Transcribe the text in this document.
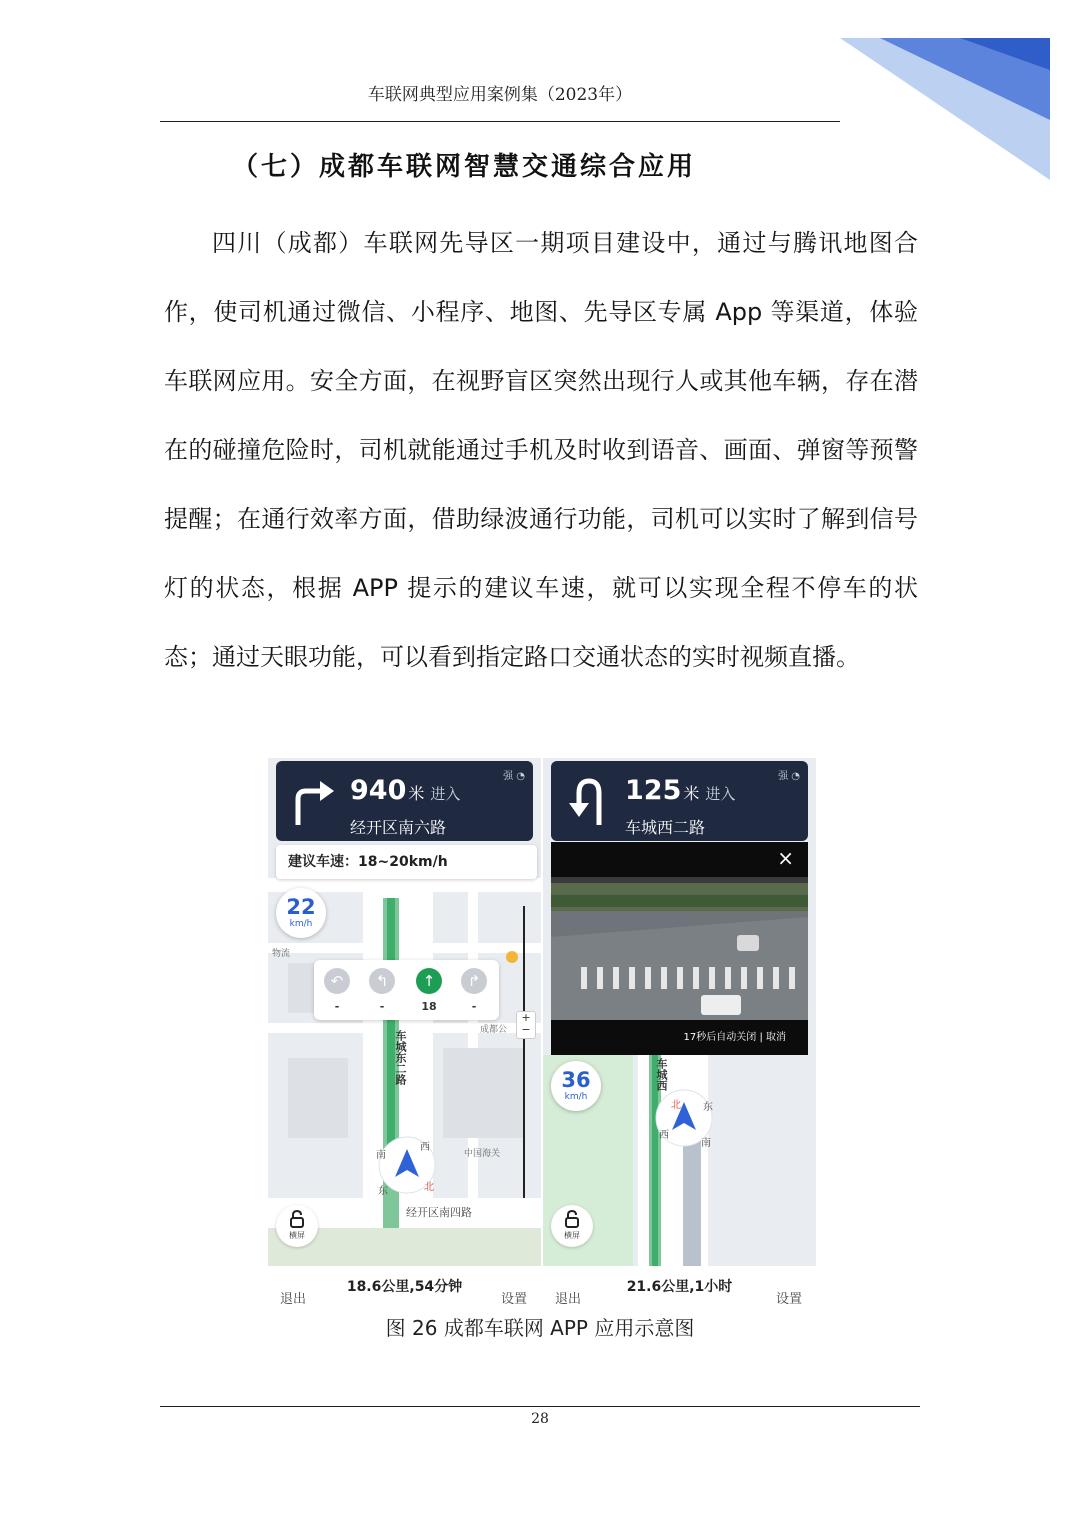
车联网典型应用案例集（2023年）
（七）成都车联网智慧交通综合应用

四川（成都）车联网先导区一期项目建设中，通过与腾讯地图合作，使司机通过微信、小程序、地图、先导区专属 App 等渠道，体验车联网应用。安全方面，在视野盲区突然出现行人或其他车辆，存在潜在的碰撞危险时，司机就能通过手机及时收到语音、画面、弹窗等预警提醒；在通行效率方面，借助绿波通行功能，司机可以实时了解到信号灯的状态，根据 APP 提示的建议车速，就可以实现全程不停车的状态；通过天眼功能，可以看到指定路口交通状态的实时视频直播。

940 米 进入
经开区南六路
强 ◔
建议车速：18~20km/h
22
km/h
↶
-
↰
-
↑
18
↱
-
物流
成都公
中国海关
经开区南四路
车城东二路
南
西
东	北
+
−
横屏
18.6公里,54分钟
退出	设置
125 米 进入
车城西二路
强 ◔
×
17秒后自动关闭 | 取消
36
km/h
车城西
北 东
西
南
横屏
21.6公里,1小时
退出	设置
图 26 成都车联网 APP 应用示意图
28
